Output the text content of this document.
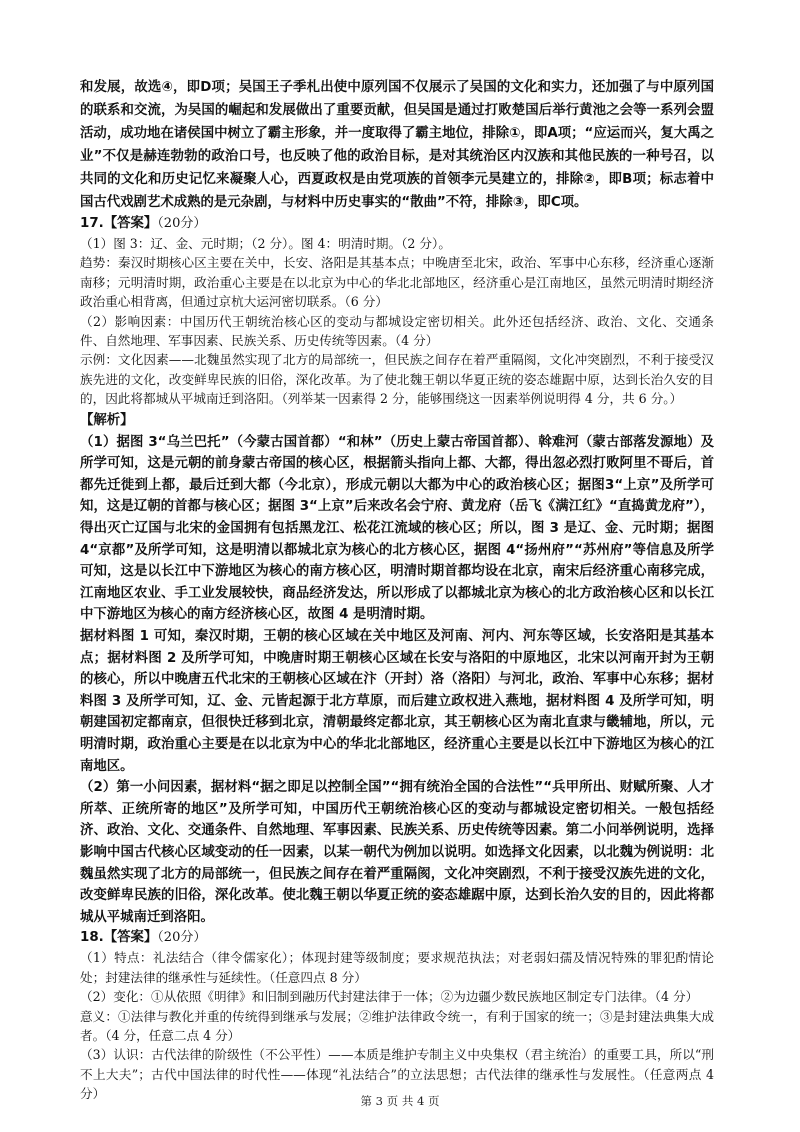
和发展，故选④，即D项；吴国王子季札出使中原列国不仅展示了吴国的文化和实力，还加强了与中原列国的联系和交流，为吴国的崛起和发展做出了重要贡献，但吴国是通过打败楚国后举行黄池之会等一系列会盟活动，成功地在诸侯国中树立了霸主形象，并一度取得了霸主地位，排除①，即A项；“应运而兴，复大禹之业”不仅是赫连勃勃的政治口号，也反映了他的政治目标，是对其统治区内汉族和其他民族的一种号召，以共同的文化和历史记忆来凝聚人心，西夏政权是由党项族的首领李元昊建立的，排除②，即B项；标志着中国古代戏剧艺术成熟的是元杂剧，与材料中历史事实的“散曲”不符，排除③，即C项。

17.【答案】（20分）

（1）图 3：辽、金、元时期；（2 分）。图 4：明清时期。（2 分）。

趋势：秦汉时期核心区主要在关中，长安、洛阳是其基本点；中晚唐至北宋，政治、军事中心东移，经济重心逐渐南移；元明清时期，政治重心主要是在以北京为中心的华北北部地区，经济重心是江南地区，虽然元明清时期经济政治重心相背离，但通过京杭大运河密切联系。（6 分）

（2）影响因素：中国历代王朝统治核心区的变动与都城设定密切相关。此外还包括经济、政治、文化、交通条件、自然地理、军事因素、民族关系、历史传统等因素。（4 分）

示例：文化因素——北魏虽然实现了北方的局部统一，但民族之间存在着严重隔阂，文化冲突剧烈，不利于接受汉族先进的文化，改变鲜卑民族的旧俗，深化改革。为了使北魏王朝以华夏正统的姿态雄踞中原，达到长治久安的目的，因此将都城从平城南迁到洛阳。（列举某一因素得 2 分，能够围绕这一因素举例说明得 4 分，共 6 分。）

【解析】

（1）据图 3“乌兰巴托”（今蒙古国首都）“和林”（历史上蒙古帝国首都）、斡难河（蒙古部落发源地）及所学可知，这是元朝的前身蒙古帝国的核心区，根据箭头指向上都、大都，得出忽必烈打败阿里不哥后，首都先迁徙到上都，最后迁到大都（今北京），形成元朝以大都为中心的政治核心区；据图3“上京”及所学可知，这是辽朝的首都与核心区；据图 3“上京”后来改名会宁府、黄龙府（岳飞《满江红》“直捣黄龙府”），得出灭亡辽国与北宋的金国拥有包括黑龙江、松花江流域的核心区；所以，图 3 是辽、金、元时期；据图 4“京都”及所学可知，这是明清以都城北京为核心的北方核心区，据图 4“扬州府”“苏州府”等信息及所学可知，这是以长江中下游地区为核心的南方核心区，明清时期首都均设在北京，南宋后经济重心南移完成，江南地区农业、手工业发展较快，商品经济发达，所以形成了以都城北京为核心的北方政治核心区和以长江中下游地区为核心的南方经济核心区，故图 4 是明清时期。

据材料图 1 可知，秦汉时期，王朝的核心区域在关中地区及河南、河内、河东等区域，长安洛阳是其基本点；据材料图 2 及所学可知，中晚唐时期王朝核心区域在长安与洛阳的中原地区，北宋以河南开封为王朝的核心，所以中晚唐五代北宋的王朝核心区域在汴（开封）洛（洛阳）与河北，政治、军事中心东移；据材料图 3 及所学可知，辽、金、元皆起源于北方草原，而后建立政权进入燕地，据材料图 4 及所学可知，明朝建国初定都南京，但很快迁移到北京，清朝最终定都北京，其王朝核心区为南北直隶与畿辅地，所以，元明清时期，政治重心主要是在以北京为中心的华北北部地区，经济重心主要是以长江中下游地区为核心的江南地区。

（2）第一小问因素，据材料“据之即足以控制全国”“拥有统治全国的合法性”“兵甲所出、财赋所聚、人才所萃、正统所寄的地区”及所学可知，中国历代王朝统治核心区的变动与都城设定密切相关。一般包括经济、政治、文化、交通条件、自然地理、军事因素、民族关系、历史传统等因素。第二小问举例说明，选择影响中国古代核心区域变动的任一因素，以某一朝代为例加以说明。如选择文化因素，以北魏为例说明：北魏虽然实现了北方的局部统一，但民族之间存在着严重隔阂，文化冲突剧烈，不利于接受汉族先进的文化，改变鲜卑民族的旧俗，深化改革。使北魏王朝以华夏正统的姿态雄踞中原，达到长治久安的目的，因此将都城从平城南迁到洛阳。

18.【答案】（20分）

（1）特点：礼法结合（律令儒家化）；体现封建等级制度；要求规范执法；对老弱妇孺及情况特殊的罪犯酌情论处；封建法律的继承性与延续性。（任意四点 8 分）

（2）变化：①从依照《明律》和旧制到融历代封建法律于一体；②为边疆少数民族地区制定专门法律。（4 分）

意义：①法律与教化并重的传统得到继承与发展；②维护法律政令统一，有利于国家的统一；③是封建法典集大成者。（4 分，任意二点 4 分）

（3）认识：古代法律的阶级性（不公平性）——本质是维护专制主义中央集权（君主统治）的重要工具，所以“刑不上大夫”；古代中国法律的时代性——体现“礼法结合”的立法思想；古代法律的继承性与发展性。（任意两点 4 分）	第 3 页 共 4 页
